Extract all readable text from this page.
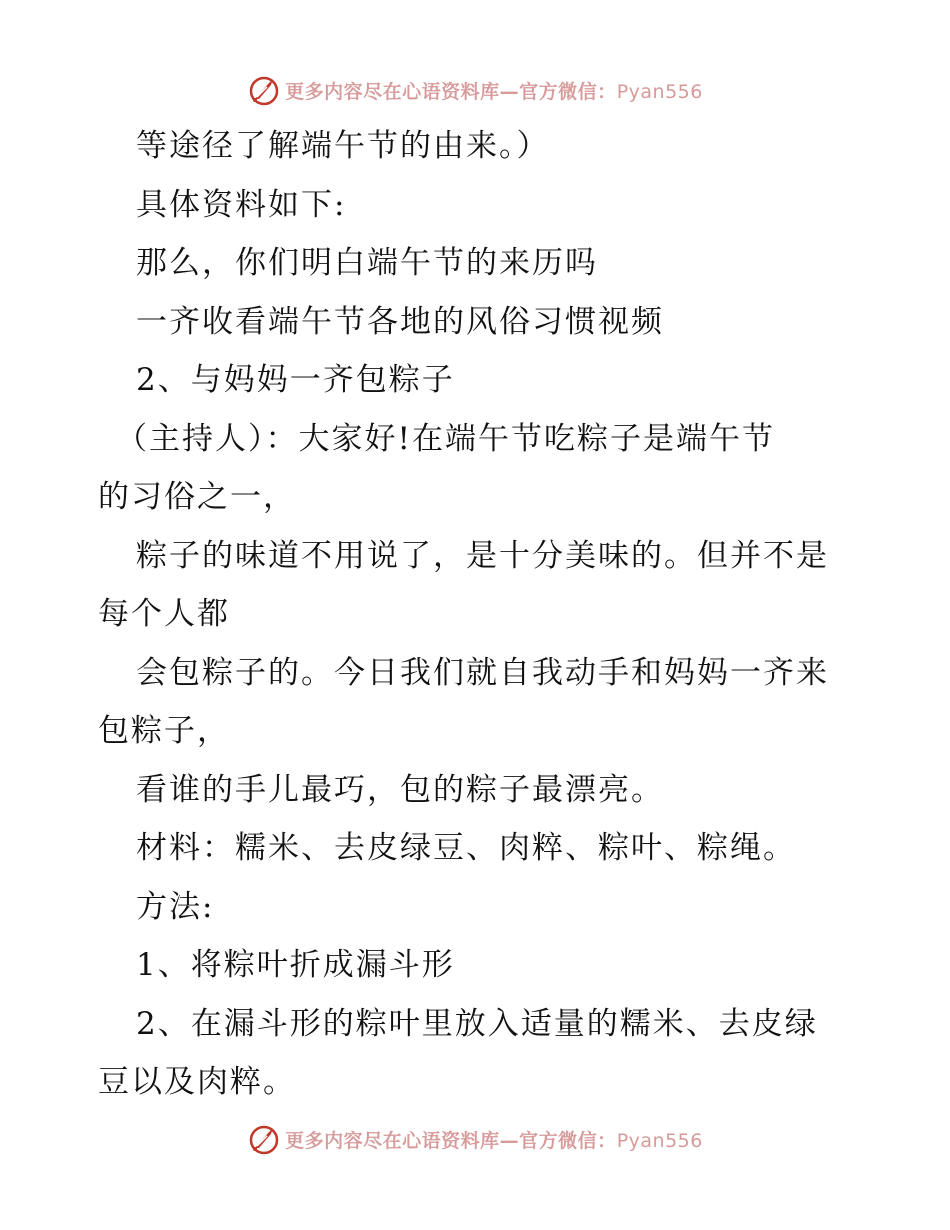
更多内容尽在心语资料库—官方微信：Pyan556
等途径了解端午节的由来。）
具体资料如下:
那么，你们明白端午节的来历吗
一齐收看端午节各地的风俗习惯视频
2、与妈妈一齐包粽子
（主持人）：大家好!在端午节吃粽子是端午节
的习俗之一，
粽子的味道不用说了，是十分美味的。但并不是
每个人都
会包粽子的。今日我们就自我动手和妈妈一齐来
包粽子，
看谁的手儿最巧，包的粽子最漂亮。
材料：糯米、去皮绿豆、肉粹、粽叶、粽绳。
方法:
1、将粽叶折成漏斗形
2、在漏斗形的粽叶里放入适量的糯米、去皮绿
豆以及肉粹。
更多内容尽在心语资料库—官方微信：Pyan556
